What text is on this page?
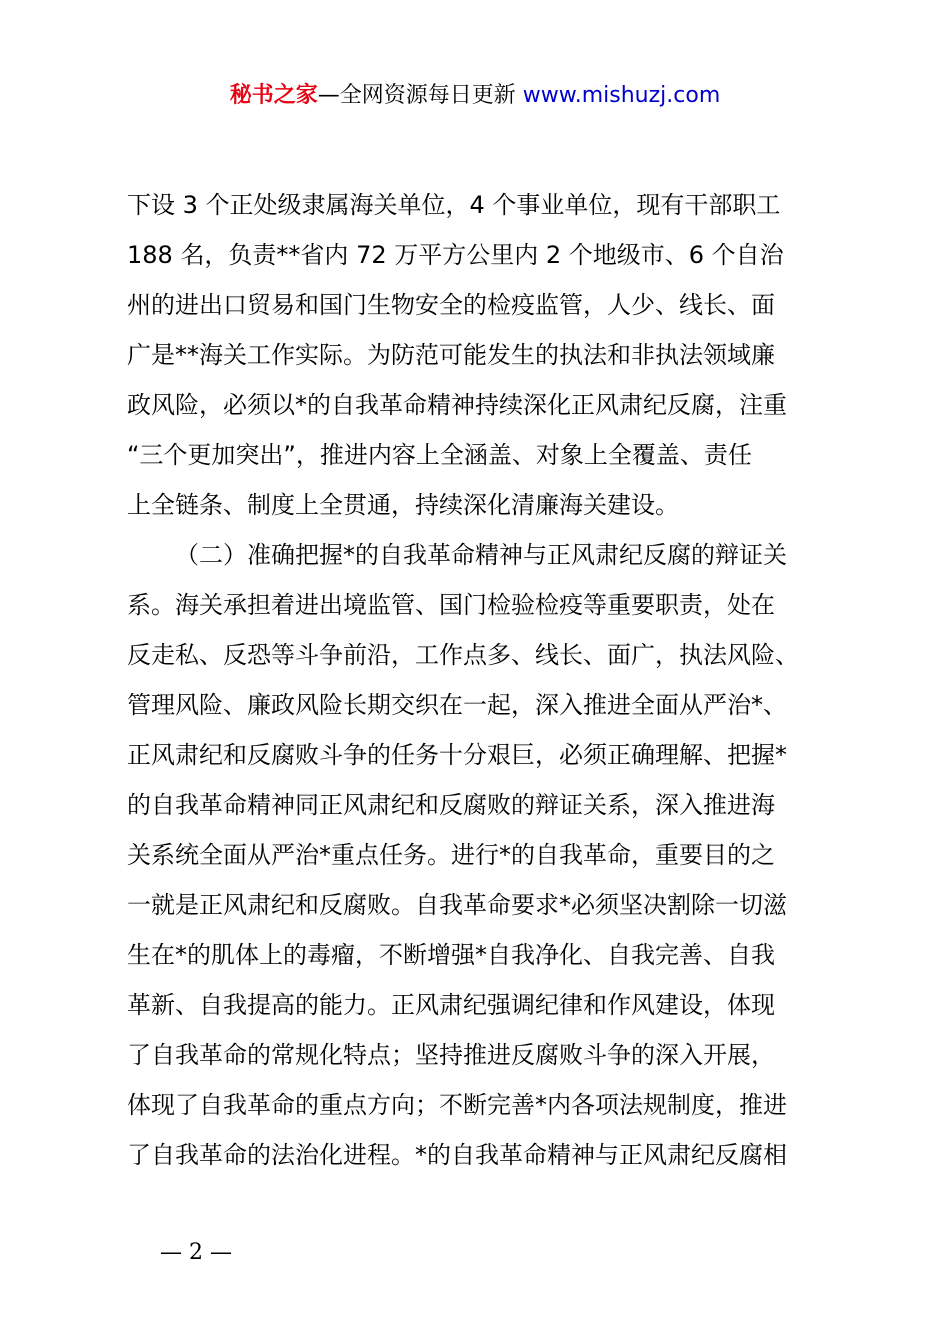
秘书之家—全网资源每日更新 www.mishuzj.com
下设 3 个正处级隶属海关单位，4 个事业单位，现有干部职工
188 名，负责**省内 72 万平方公里内 2 个地级市、6 个自治
州的进出口贸易和国门生物安全的检疫监管，人少、线长、面
广是**海关工作实际。为防范可能发生的执法和非执法领域廉
政风险，必须以*的自我革命精神持续深化正风肃纪反腐，注重
“三个更加突出”，推进内容上全涵盖、对象上全覆盖、责任
上全链条、制度上全贯通，持续深化清廉海关建设。
（二）准确把握*的自我革命精神与正风肃纪反腐的辩证关
系。海关承担着进出境监管、国门检验检疫等重要职责，处在
反走私、反恐等斗争前沿，工作点多、线长、面广，执法风险、
管理风险、廉政风险长期交织在一起，深入推进全面从严治*、
正风肃纪和反腐败斗争的任务十分艰巨，必须正确理解、把握*
的自我革命精神同正风肃纪和反腐败的辩证关系，深入推进海
关系统全面从严治*重点任务。进行*的自我革命，重要目的之
一就是正风肃纪和反腐败。自我革命要求*必须坚决割除一切滋
生在*的肌体上的毒瘤，不断增强*自我净化、自我完善、自我
革新、自我提高的能力。正风肃纪强调纪律和作风建设，体现
了自我革命的常规化特点；坚持推进反腐败斗争的深入开展，
体现了自我革命的重点方向；不断完善*内各项法规制度，推进
了自我革命的法治化进程。*的自我革命精神与正风肃纪反腐相
— 2 —
